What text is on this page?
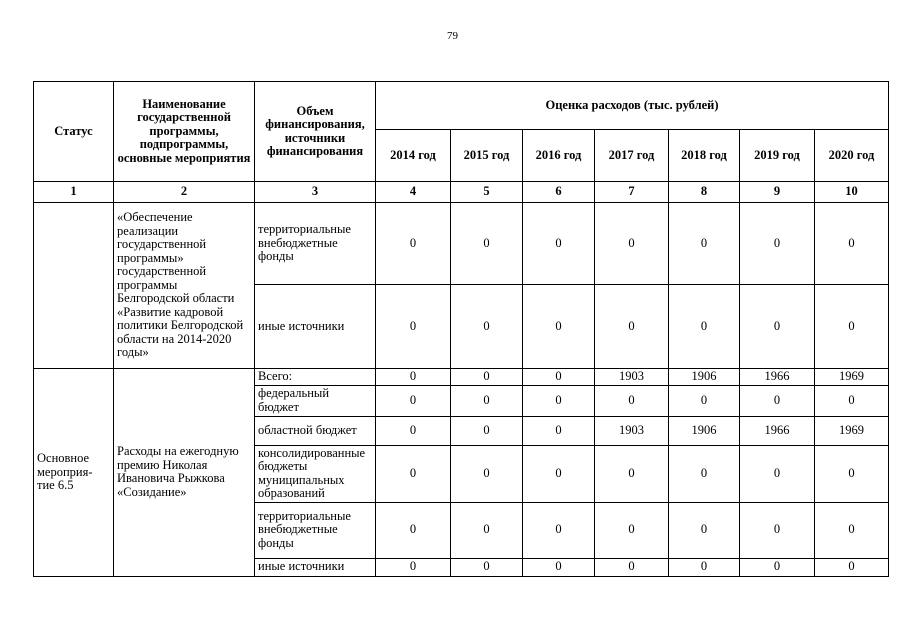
79
Статус	Наименование государственной программы, подпрограммы, основные мероприятия	Объем финансирования, источники финансирования	Оценка расходов (тыс. рублей)						
			2014 год	2015 год	2016 год	2017 год	2018 год	2019 год	2020 год
1	2	3	4	5	6	7	8	9	10
	«Обеспечение реализации государственной программы» государственной программы Белгородской области «Развитие кадровой политики Белгородской области на 2014-2020 годы»	территориальные внебюджетные фонды	0	0	0	0	0	0	0
		иные источники	0	0	0	0	0	0	0
Основное мероприя-тие 6.5	Расходы на ежегодную премию Николая Ивановича Рыжкова «Созидание»	Всего:	0	0	0	1903	1906	1966	1969
		федеральный бюджет	0	0	0	0	0	0	0
		областной бюджет	0	0	0	1903	1906	1966	1969
		консолидированные бюджеты муниципальных образований	0	0	0	0	0	0	0
		территориальные внебюджетные фонды	0	0	0	0	0	0	0
		иные источники	0	0	0	0	0	0	0
